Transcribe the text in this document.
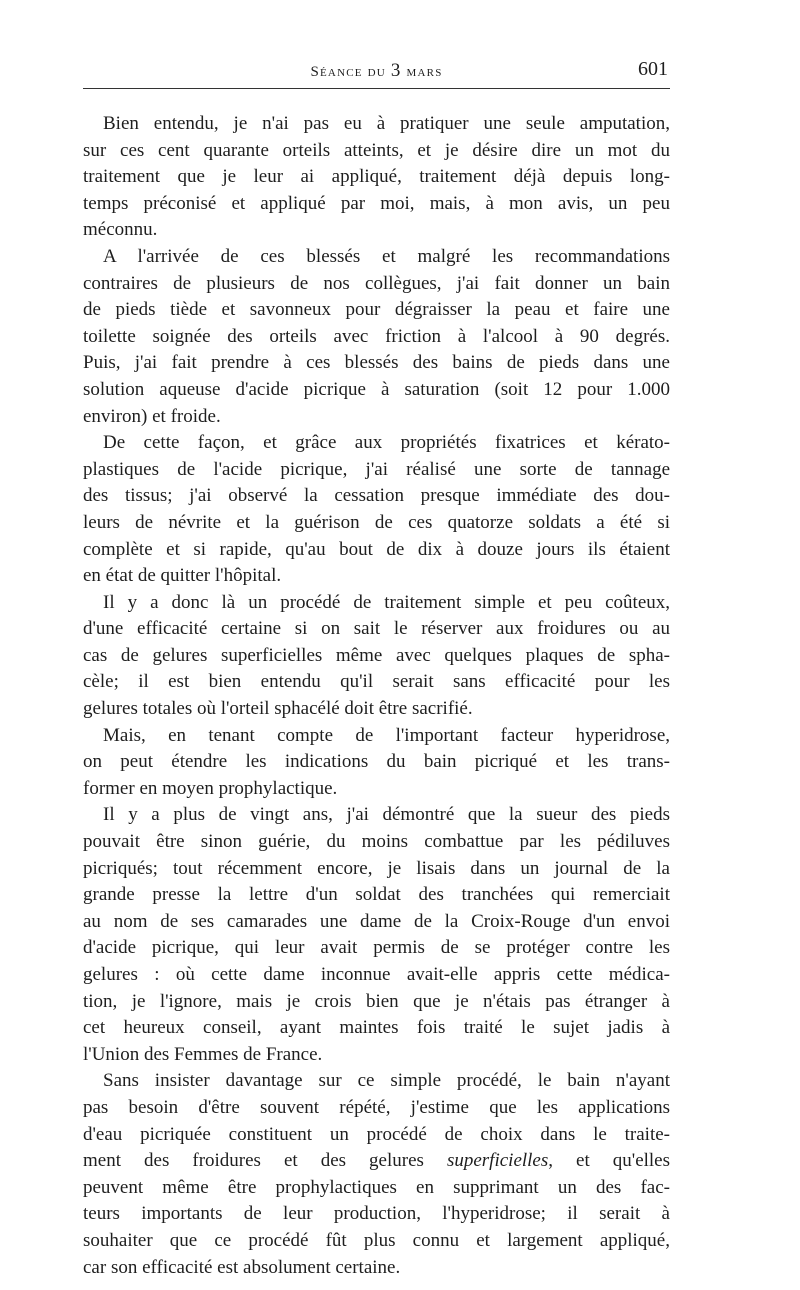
Séance du 3 mars	601

Bien entendu, je n'ai pas eu à pratiquer une seule amputation,
sur ces cent quarante orteils atteints, et je désire dire un mot du
traitement que je leur ai appliqué, traitement déjà depuis long-
temps préconisé et appliqué par moi, mais, à mon avis, un peu
méconnu.

A l'arrivée de ces blessés et malgré les recommandations
contraires de plusieurs de nos collègues, j'ai fait donner un bain
de pieds tiède et savonneux pour dégraisser la peau et faire une
toilette soignée des orteils avec friction à l'alcool à 90 degrés.
Puis, j'ai fait prendre à ces blessés des bains de pieds dans une
solution aqueuse d'acide picrique à saturation (soit 12 pour 1.000
environ) et froide.

De cette façon, et grâce aux propriétés fixatrices et kérato-
plastiques de l'acide picrique, j'ai réalisé une sorte de tannage
des tissus; j'ai observé la cessation presque immédiate des dou-
leurs de névrite et la guérison de ces quatorze soldats a été si
complète et si rapide, qu'au bout de dix à douze jours ils étaient
en état de quitter l'hôpital.

Il y a donc là un procédé de traitement simple et peu coûteux,
d'une efficacité certaine si on sait le réserver aux froidures ou au
cas de gelures superficielles même avec quelques plaques de spha-
cèle; il est bien entendu qu'il serait sans efficacité pour les
gelures totales où l'orteil sphacélé doit être sacrifié.

Mais, en tenant compte de l'important facteur hyperidrose,
on peut étendre les indications du bain picriqué et les trans-
former en moyen prophylactique.

Il y a plus de vingt ans, j'ai démontré que la sueur des pieds
pouvait être sinon guérie, du moins combattue par les pédiluves
picriqués; tout récemment encore, je lisais dans un journal de la
grande presse la lettre d'un soldat des tranchées qui remerciait
au nom de ses camarades une dame de la Croix-Rouge d'un envoi
d'acide picrique, qui leur avait permis de se protéger contre les
gelures : où cette dame inconnue avait-elle appris cette médica-
tion, je l'ignore, mais je crois bien que je n'étais pas étranger à
cet heureux conseil, ayant maintes fois traité le sujet jadis à
l'Union des Femmes de France.

Sans insister davantage sur ce simple procédé, le bain n'ayant
pas besoin d'être souvent répété, j'estime que les applications
d'eau picriquée constituent un procédé de choix dans le traite-
ment des froidures et des gelures superficielles, et qu'elles
peuvent même être prophylactiques en supprimant un des fac-
teurs importants de leur production, l'hyperidrose; il serait à
souhaiter que ce procédé fût plus connu et largement appliqué,
car son efficacité est absolument certaine.
